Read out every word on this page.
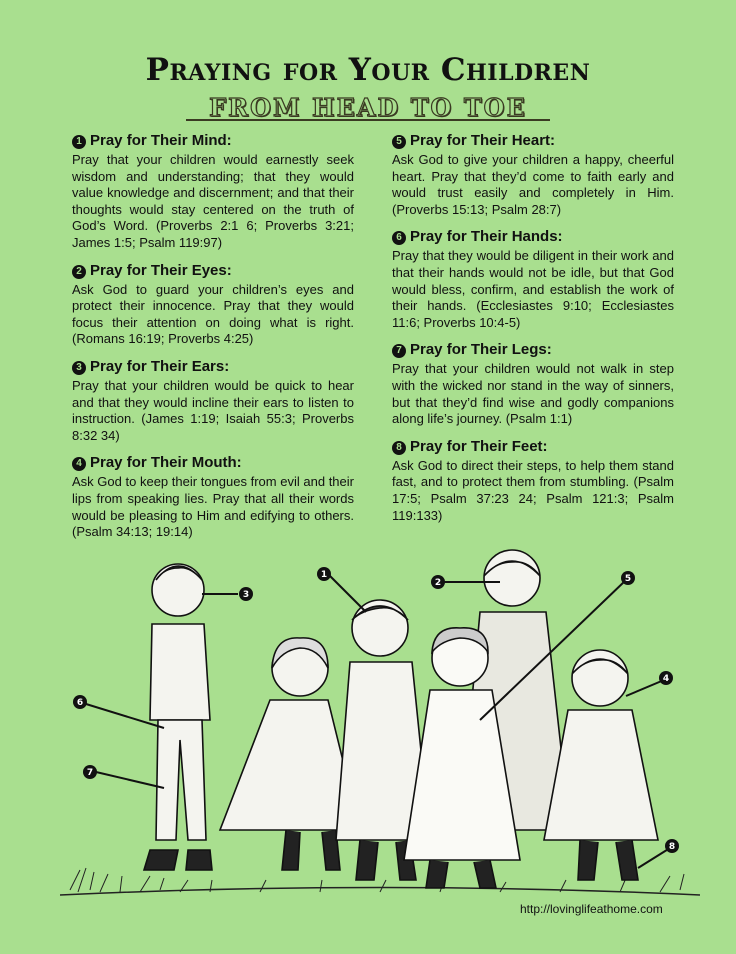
Praying for Your Children
FROM HEAD TO TOE

1 Pray for Their Mind:

Pray that your children would earnestly seek wisdom and understanding; that they would value knowledge and discernment; and that their thoughts would stay centered on the truth of God’s Word. (Proverbs 2:1 6; Proverbs 3:21; James 1:5; Psalm 119:97)

2 Pray for Their Eyes:

Ask God to guard your children’s eyes and protect their innocence. Pray that they would focus their attention on doing what is right. (Romans 16:19; Proverbs 4:25)

3 Pray for Their Ears:

Pray that your children would be quick to hear and that they would incline their ears to listen to instruction. (James 1:19; Isaiah 55:3; Proverbs 8:32 34)

4 Pray for Their Mouth:

Ask God to keep their tongues from evil and their lips from speaking lies. Pray that all their words would be pleasing to Him and edifying to others. (Psalm 34:13; 19:14)

5 Pray for Their Heart:

Ask God to give your children a happy, cheerful heart. Pray that they’d come to faith early and would trust easily and completely in Him. (Proverbs 15:13; Psalm 28:7)

6 Pray for Their Hands:

Pray that they would be diligent in their work and that their hands would not be idle, but that God would bless, confirm, and establish the work of their hands. (Ecclesiastes 9:10; Ecclesiastes 11:6; Proverbs 10:4-5)

7 Pray for Their Legs:

Pray that your children would not walk in step with the wicked nor stand in the way of sinners, but that they’d find wise and godly companions along life’s journey. (Psalm 1:1)

8 Pray for Their Feet:

Ask God to direct their steps, to help them stand fast, and to protect them from stumbling. (Psalm 17:5; Psalm 37:23 24; Psalm 121:3; Psalm 119:133)

3
1
2	5
4
6
7
8
http://lovinglifeathome.com
